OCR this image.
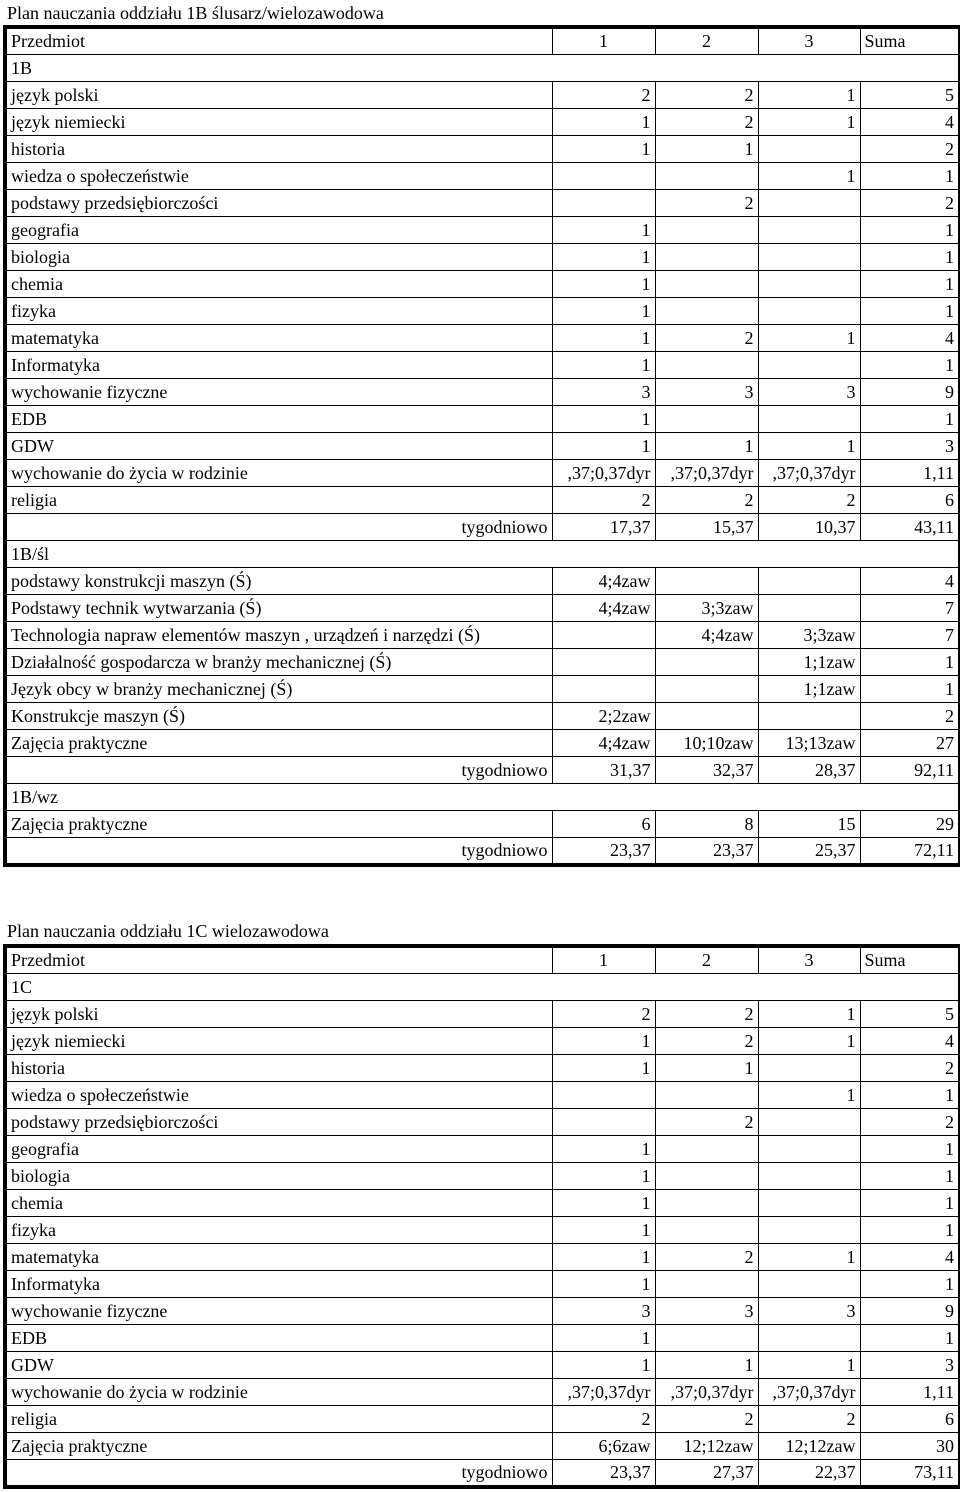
Plan nauczania oddziału 1B ślusarz/wielozawodowa
Przedmiot	1	2	3	Suma
1B				
język polski	2	2	1	5
język niemiecki	1	2	1	4
historia	1	1		2
wiedza o społeczeństwie			1	1
podstawy przedsiębiorczości		2		2
geografia	1			1
biologia	1			1
chemia	1			1
fizyka	1			1
matematyka	1	2	1	4
Informatyka	1			1
wychowanie fizyczne	3	3	3	9
EDB	1			1
GDW	1	1	1	3
wychowanie do życia w rodzinie	,37;0,37dyr	,37;0,37dyr	,37;0,37dyr	1,11
religia	2	2	2	6
tygodniowo	17,37	15,37	10,37	43,11
1B/śl				
podstawy konstrukcji maszyn (Ś)	4;4zaw			4
Podstawy technik wytwarzania (Ś)	4;4zaw	3;3zaw		7
Technologia napraw elementów maszyn , urządzeń i narzędzi (Ś)		4;4zaw	3;3zaw	7
Działalność gospodarcza w branży mechanicznej (Ś)			1;1zaw	1
Język obcy w branży mechanicznej (Ś)			1;1zaw	1
Konstrukcje maszyn (Ś)	2;2zaw			2
Zajęcia praktyczne	4;4zaw	10;10zaw	13;13zaw	27
tygodniowo	31,37	32,37	28,37	92,11
1B/wz				
Zajęcia praktyczne	6	8	15	29
tygodniowo	23,37	23,37	25,37	72,11
Plan nauczania oddziału 1C wielozawodowa
Przedmiot	1	2	3	Suma
1C				
język polski	2	2	1	5
język niemiecki	1	2	1	4
historia	1	1		2
wiedza o społeczeństwie			1	1
podstawy przedsiębiorczości		2		2
geografia	1			1
biologia	1			1
chemia	1			1
fizyka	1			1
matematyka	1	2	1	4
Informatyka	1			1
wychowanie fizyczne	3	3	3	9
EDB	1			1
GDW	1	1	1	3
wychowanie do życia w rodzinie	,37;0,37dyr	,37;0,37dyr	,37;0,37dyr	1,11
religia	2	2	2	6
Zajęcia praktyczne	6;6zaw	12;12zaw	12;12zaw	30
tygodniowo	23,37	27,37	22,37	73,11
